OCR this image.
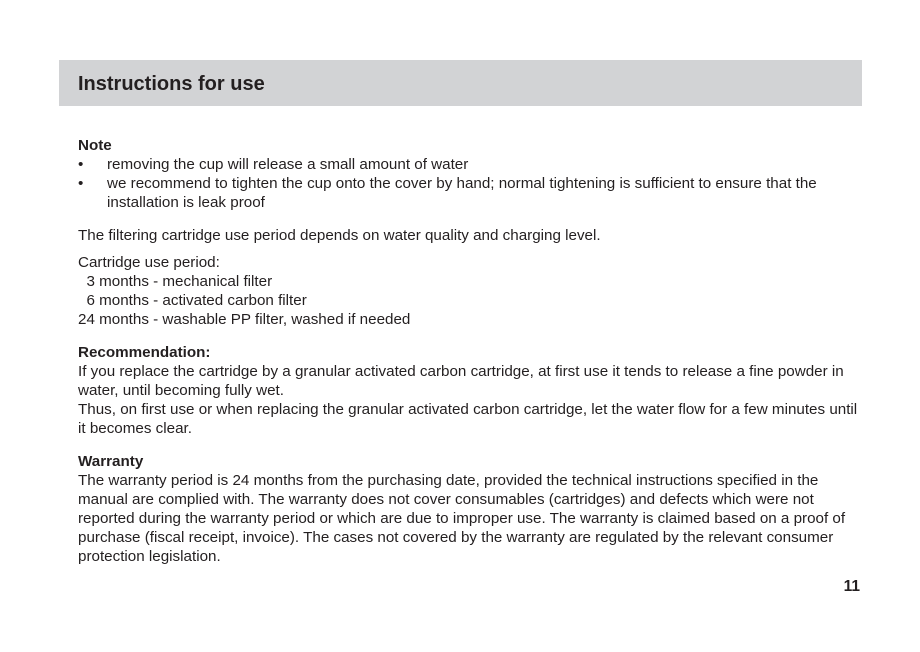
Instructions for use

Note

• removing the cup will release a small amount of water
• we recommend to tighten the cup onto the cover by hand; normal tightening is sufficient to ensure that the installation is leak proof

The filtering cartridge use period depends on water quality and charging level.

Cartridge use period:

3 months - mechanical filter

6 months - activated carbon filter

24 months - washable PP filter, washed if needed

Recommendation:

If you replace the cartridge by a granular activated carbon cartridge, at first use it tends to release a fine powder in water, until becoming fully wet.

Thus, on first use or when replacing the granular activated carbon cartridge, let the water flow for a few minutes until it becomes clear.

Warranty

The warranty period is 24 months from the purchasing date, provided the technical instructions specified in the manual are complied with. The warranty does not cover consumables (cartridges) and defects which were not reported during the warranty period or which are due to improper use. The warranty is claimed based on a proof of purchase (fiscal receipt, invoice). The cases not covered by the warranty are regulated by the relevant consumer protection legislation.

11
